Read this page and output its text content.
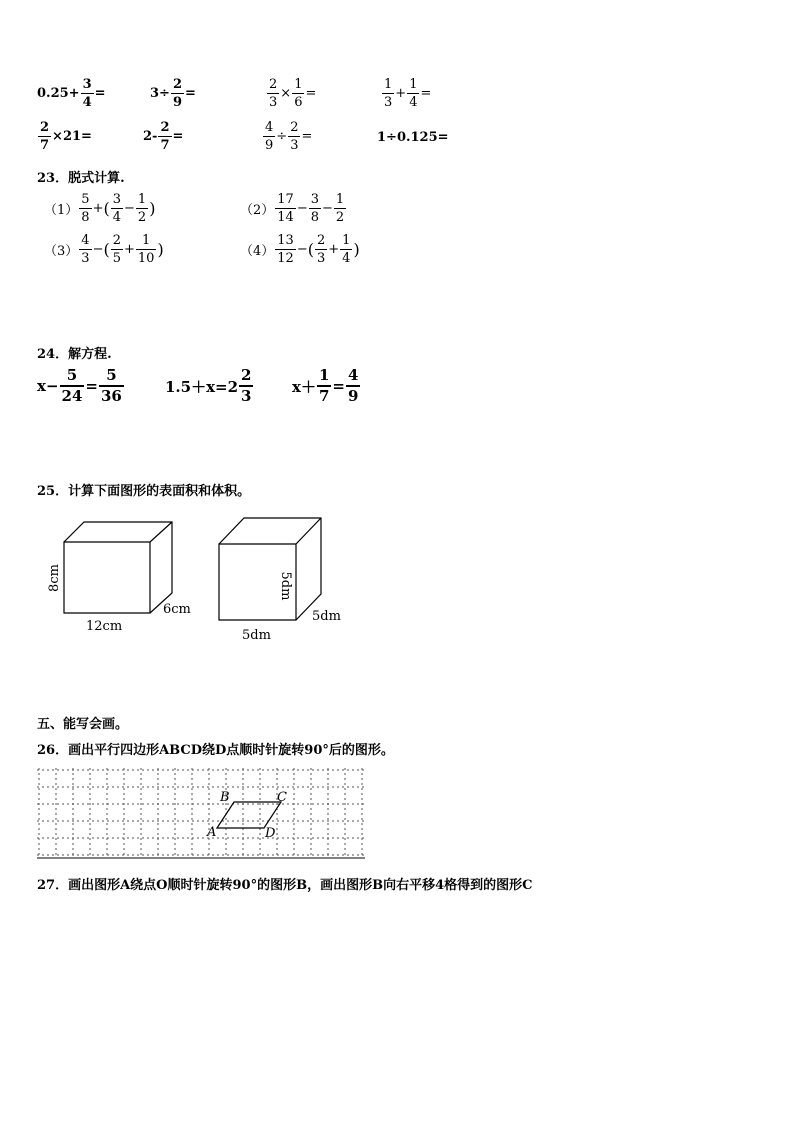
$0.25+ \frac{3}{4}$ =	$3\div \frac{2}{9}$ =	$\frac{2}{3} \times \frac{1}{6}$ =	$\frac{1}{3} + \frac{1}{4}$ =
$\frac{2}{7} \times 21=$	$2- \frac{2}{7}$ =	$\frac{4}{9} \div \frac{2}{3}$ =	1÷0.125=
23．脱式计算.
$(1) \frac{5}{8}$ + ( $\frac{3}{4} - \frac{1}{2}$ )	$(2) \frac{17}{14} - \frac{3}{8} - \frac{1}{2}$
$(3) \frac{4}{3}$ − ( $\frac{2}{5} + \frac{1}{10}$ )	$(4) \frac{13}{12}$ − ( $\frac{2}{3} + \frac{1}{4}$ )
24．解方程.
$x- \frac{5}{24} = \frac{5}{36}$	$1.5+x=2 \frac{2}{3}$	$x+ \frac{1}{7} = \frac{4}{9}$
25．计算下面图形的表面积和体积。
8cm
12cm
6cm
5dm
5dm
5dm
五、能写会画。
26．画出平行四边形ABCD绕D点顺时针旋转90°后的图形。
A
B	C
D
27．画出图形A绕点O顺时针旋转90°的图形B，画出图形B向右平移4格得到的图形C
